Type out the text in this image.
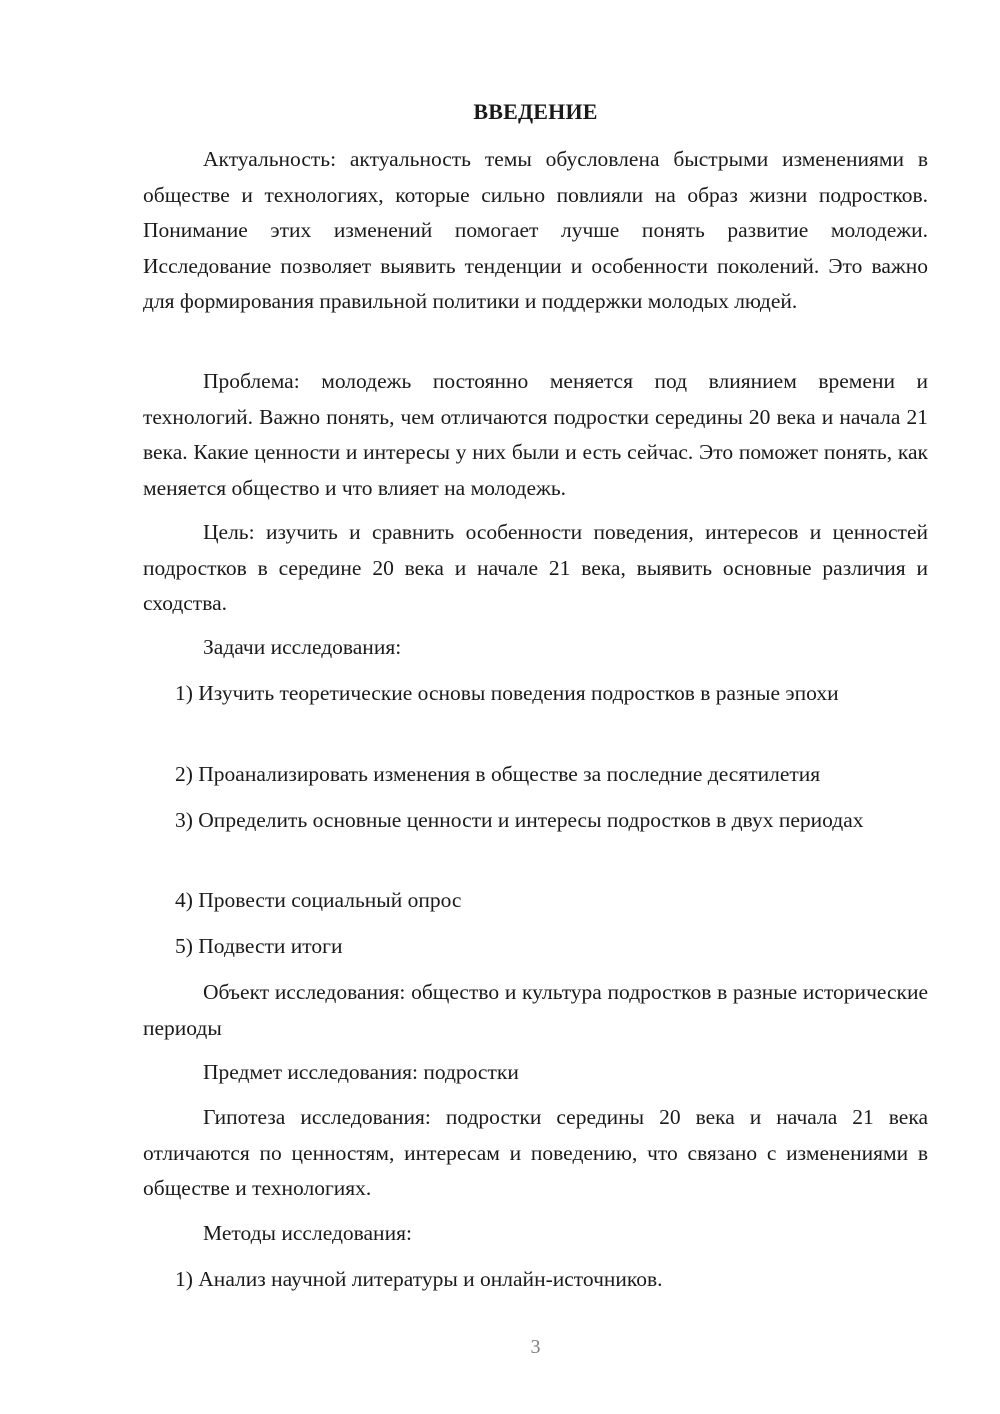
ВВЕДЕНИЕ

Актуальность: актуальность темы обусловлена быстрыми изменениями в обществе и технологиях, которые сильно повлияли на образ жизни подростков. Понимание этих изменений помогает лучше понять развитие молодежи. Исследование позволяет выявить тенденции и особенности поколений. Это важно для формирования правильной политики и поддержки молодых людей.

Проблема: молодежь постоянно меняется под влиянием времени и технологий. Важно понять, чем отличаются подростки середины 20 века и начала 21 века. Какие ценности и интересы у них были и есть сейчас. Это поможет понять, как меняется общество и что влияет на молодежь.

Цель: изучить и сравнить особенности поведения, интересов и ценностей подростков в середине 20 века и начале 21 века, выявить основные различия и сходства.

Задачи исследования:

1) Изучить теоретические основы поведения подростков в разные эпохи

2) Проанализировать изменения в обществе за последние десятилетия

3) Определить основные ценности и интересы подростков в двух периодах

4) Провести социальный опрос

5) Подвести итоги

Объект исследования: общество и культура подростков в разные исторические периоды

Предмет исследования: подростки

Гипотеза исследования: подростки середины 20 века и начала 21 века отличаются по ценностям, интересам и поведению, что связано с изменениями в обществе и технологиях.

Методы исследования:

1) Анализ научной литературы и онлайн-источников.

3
